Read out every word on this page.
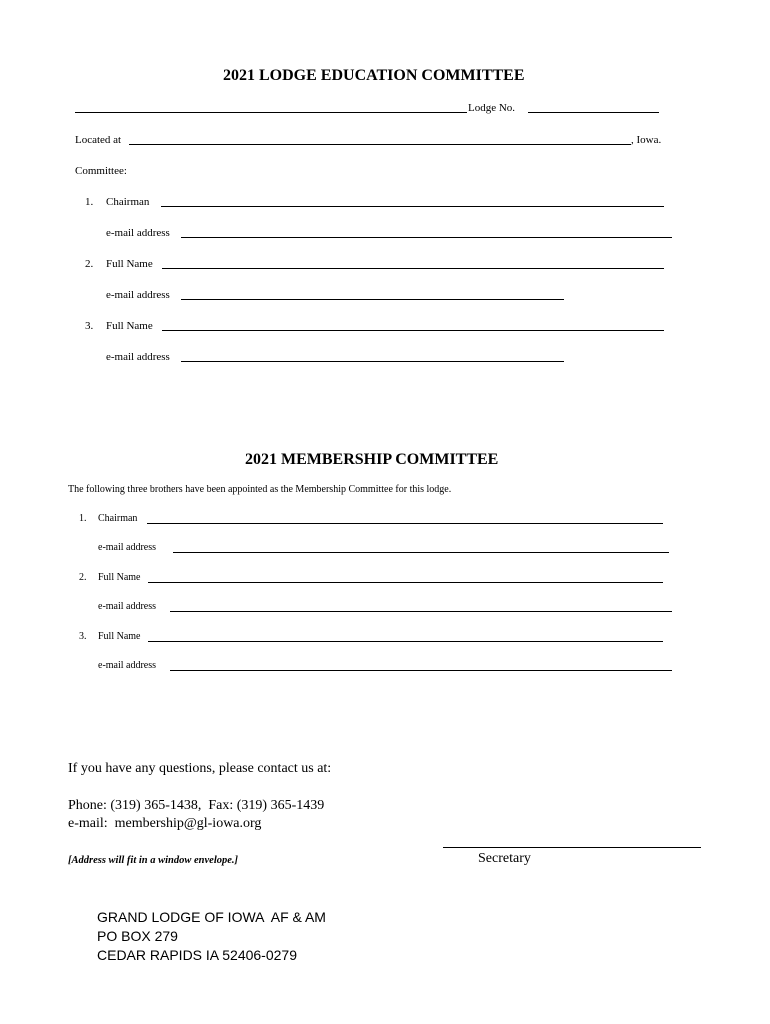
2021 LODGE EDUCATION COMMITTEE
Lodge No.
Located at	, Iowa.
Committee:
1. Chairman
e-mail address
2. Full Name
e-mail address
3. Full Name
e-mail address
2021 MEMBERSHIP COMMITTEE
The following three brothers have been appointed as the Membership Committee for this lodge.
1. Chairman
e-mail address
2. Full Name
e-mail address
3. Full Name
e-mail address
If you have any questions, please contact us at:
Phone: (319) 365-1438,  Fax: (319) 365-1439
e-mail:  membership@gl-iowa.org
[Address will fit in a window envelope.]	Secretary
GRAND LODGE OF IOWA  AF & AM
PO BOX 279
CEDAR RAPIDS IA 52406-0279
